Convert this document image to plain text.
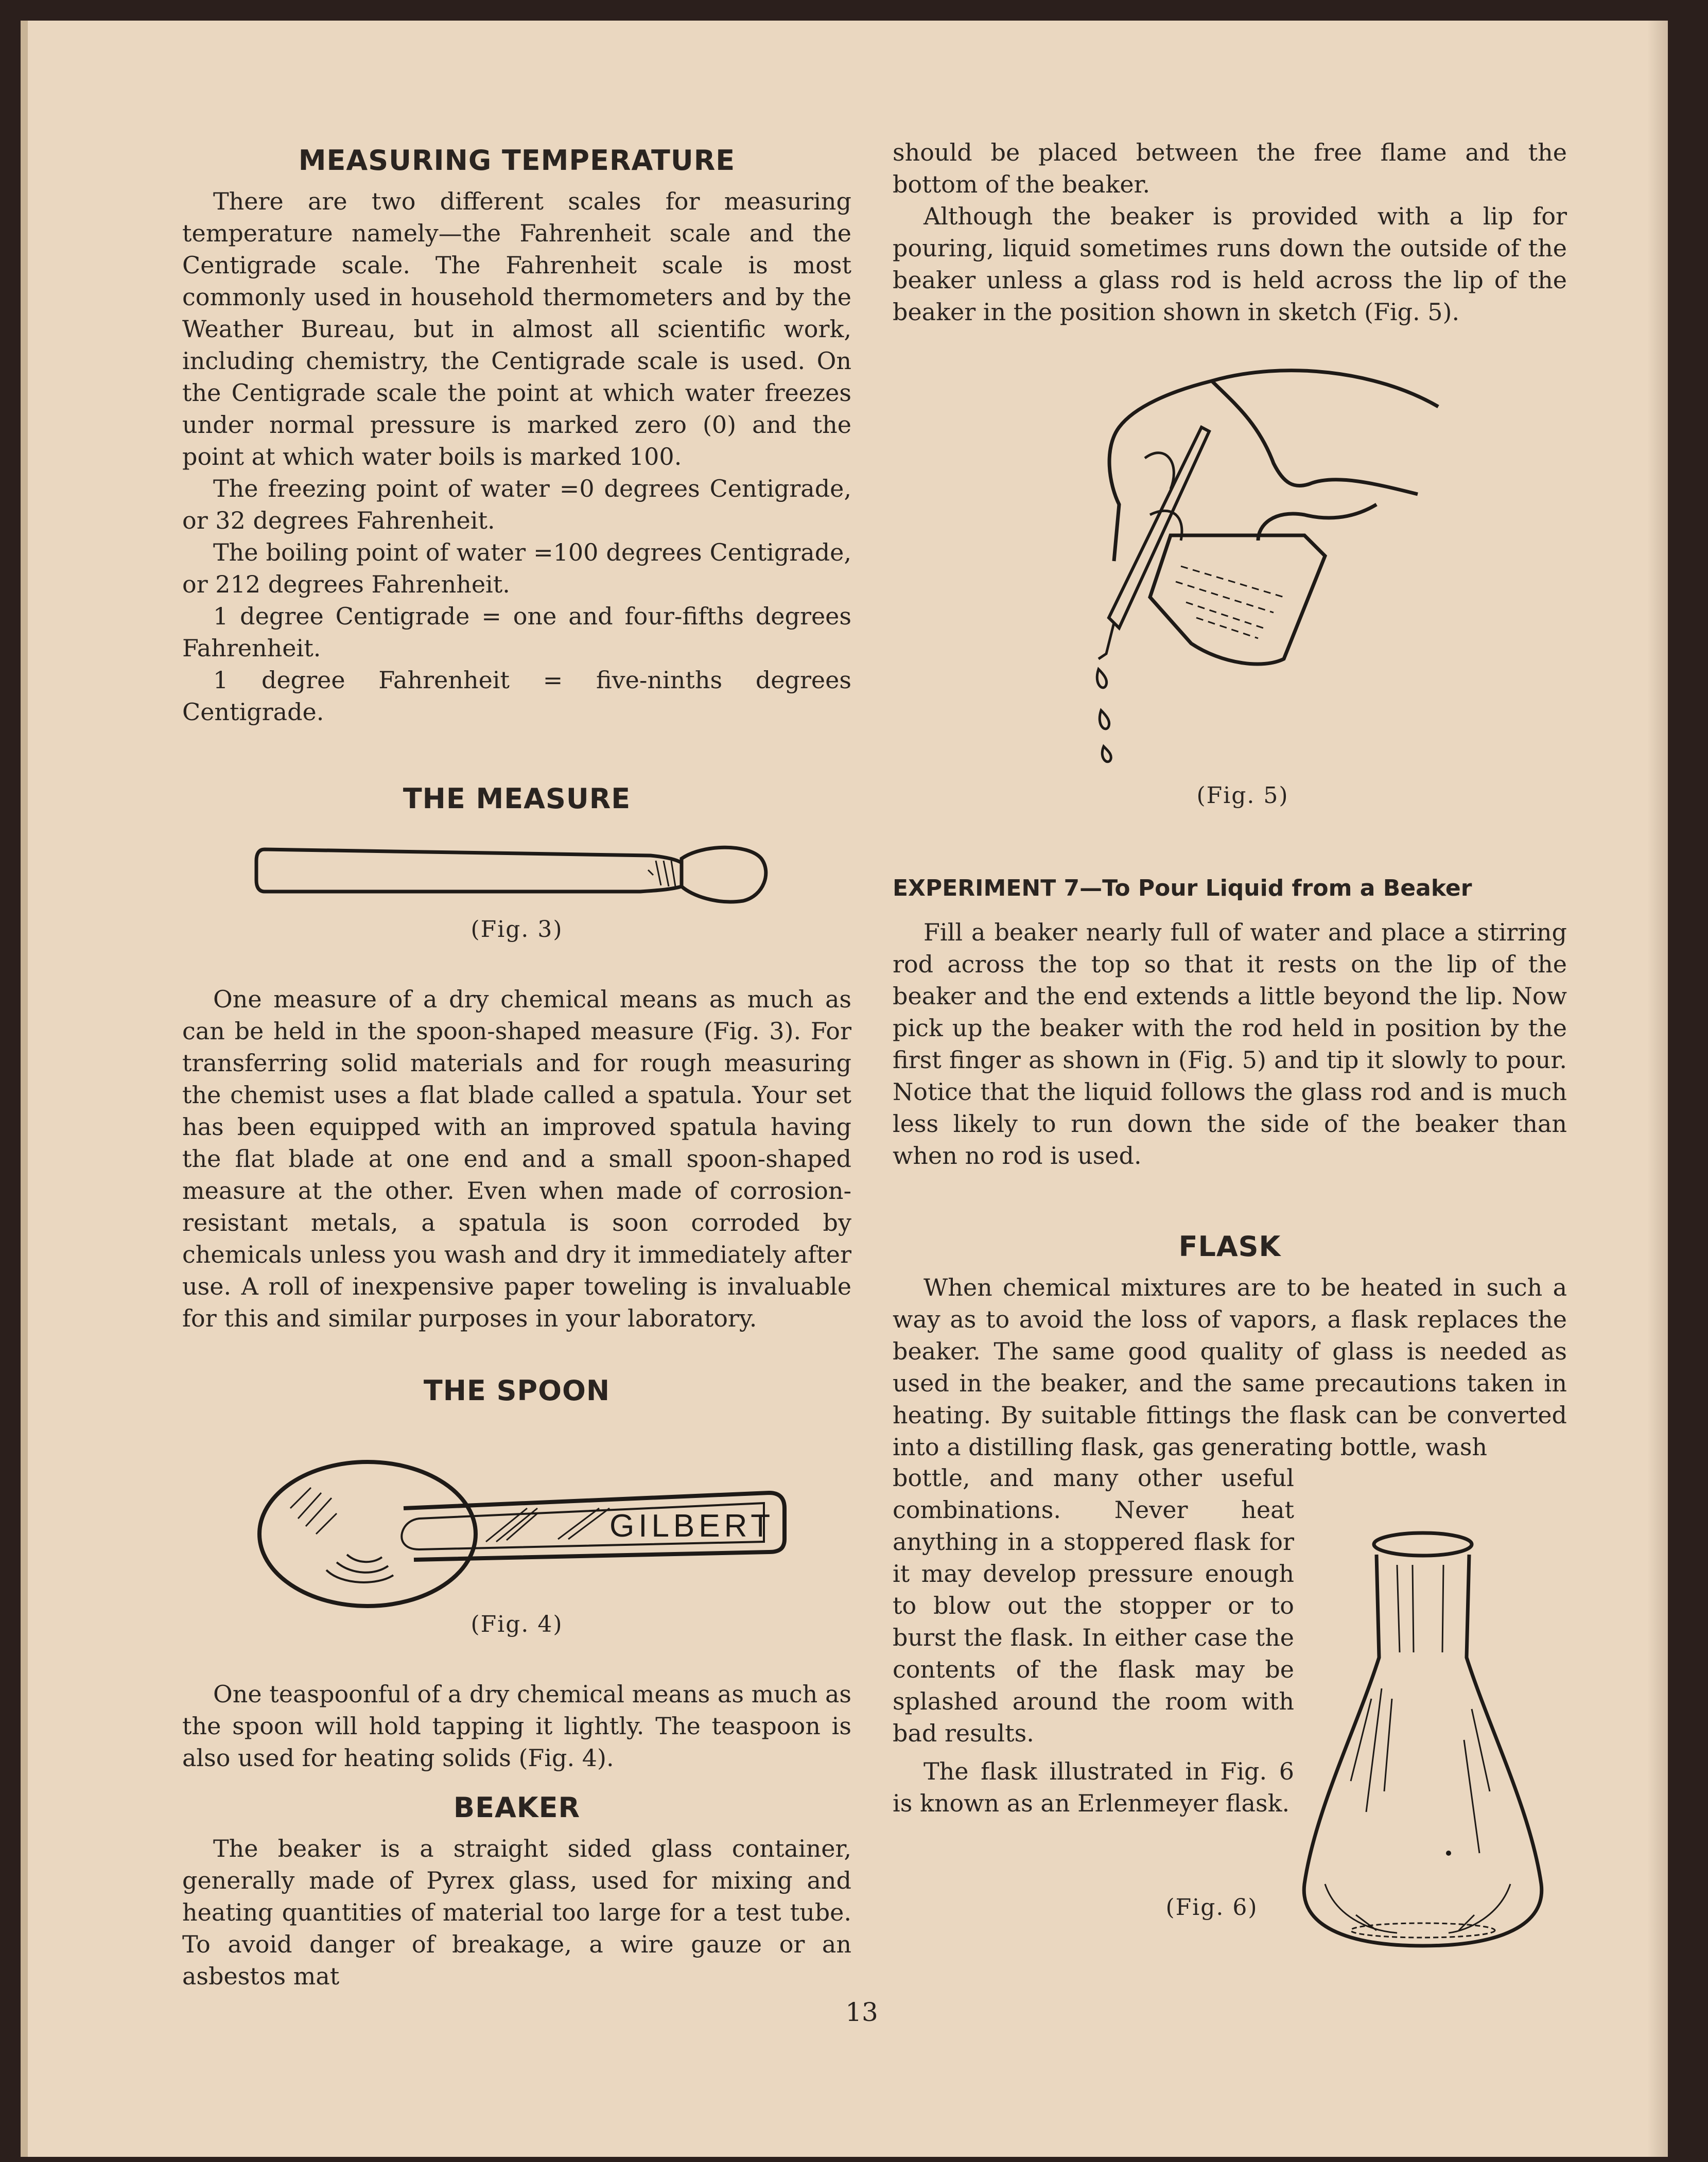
MEASURING TEMPERATURE

There are two different scales for measuring temperature namely—the Fahrenheit scale and the Centigrade scale. The Fahrenheit scale is most commonly used in household thermometers and by the Weather Bureau, but in almost all scientific work, including chemistry, the Centigrade scale is used. On the Centigrade scale the point at which water freezes under normal pressure is marked zero (0) and the point at which water boils is marked 100.

The freezing point of water =0 degrees Centigrade, or 32 degrees Fahrenheit.

The boiling point of water =100 degrees Centigrade, or 212 degrees Fahrenheit.

1 degree Centigrade = one and four-fifths degrees Fahrenheit.

1 degree Fahrenheit = five-ninths degrees Centigrade.

THE MEASURE
(Fig. 3)

One measure of a dry chemical means as much as can be held in the spoon-shaped measure (Fig. 3). For transferring solid materials and for rough measuring the chemist uses a flat blade called a spatula. Your set has been equipped with an improved spatula having the flat blade at one end and a small spoon-shaped measure at the other. Even when made of corrosion-resistant metals, a spatula is soon corroded by chemicals unless you wash and dry it immediately after use. A roll of inexpensive paper toweling is invaluable for this and similar purposes in your laboratory.

THE SPOON
GILBERT
(Fig. 4)

One teaspoonful of a dry chemical means as much as the spoon will hold tapping it lightly. The teaspoon is also used for heating solids (Fig. 4).

BEAKER

The beaker is a straight sided glass container, generally made of Pyrex glass, used for mixing and heating quantities of material too large for a test tube. To avoid danger of breakage, a wire gauze or an asbestos mat

should be placed between the free flame and the bottom of the beaker.

Although the beaker is provided with a lip for pouring, liquid sometimes runs down the outside of the beaker unless a glass rod is held across the lip of the beaker in the position shown in sketch (Fig. 5).

(Fig. 5)
EXPERIMENT 7—To Pour Liquid from a Beaker

Fill a beaker nearly full of water and place a stirring rod across the top so that it rests on the lip of the beaker and the end extends a little beyond the lip. Now pick up the beaker with the rod held in position by the first finger as shown in (Fig. 5) and tip it slowly to pour. Notice that the liquid follows the glass rod and is much less likely to run down the side of the beaker than when no rod is used.

FLASK

When chemical mixtures are to be heated in such a way as to avoid the loss of vapors, a flask replaces the beaker. The same good quality of glass is needed as used in the beaker, and the same precautions taken in heating. By suitable fittings the flask can be converted into a distilling flask, gas generating bottle, wash

bottle, and many other useful combinations. Never heat anything in a stoppered flask for it may develop pressure enough to blow out the stopper or to burst the flask. In either case the contents of the flask may be splashed around the room with bad results.

The flask illustrated in Fig. 6 is known as an Erlenmeyer flask.

(Fig. 6)
13
